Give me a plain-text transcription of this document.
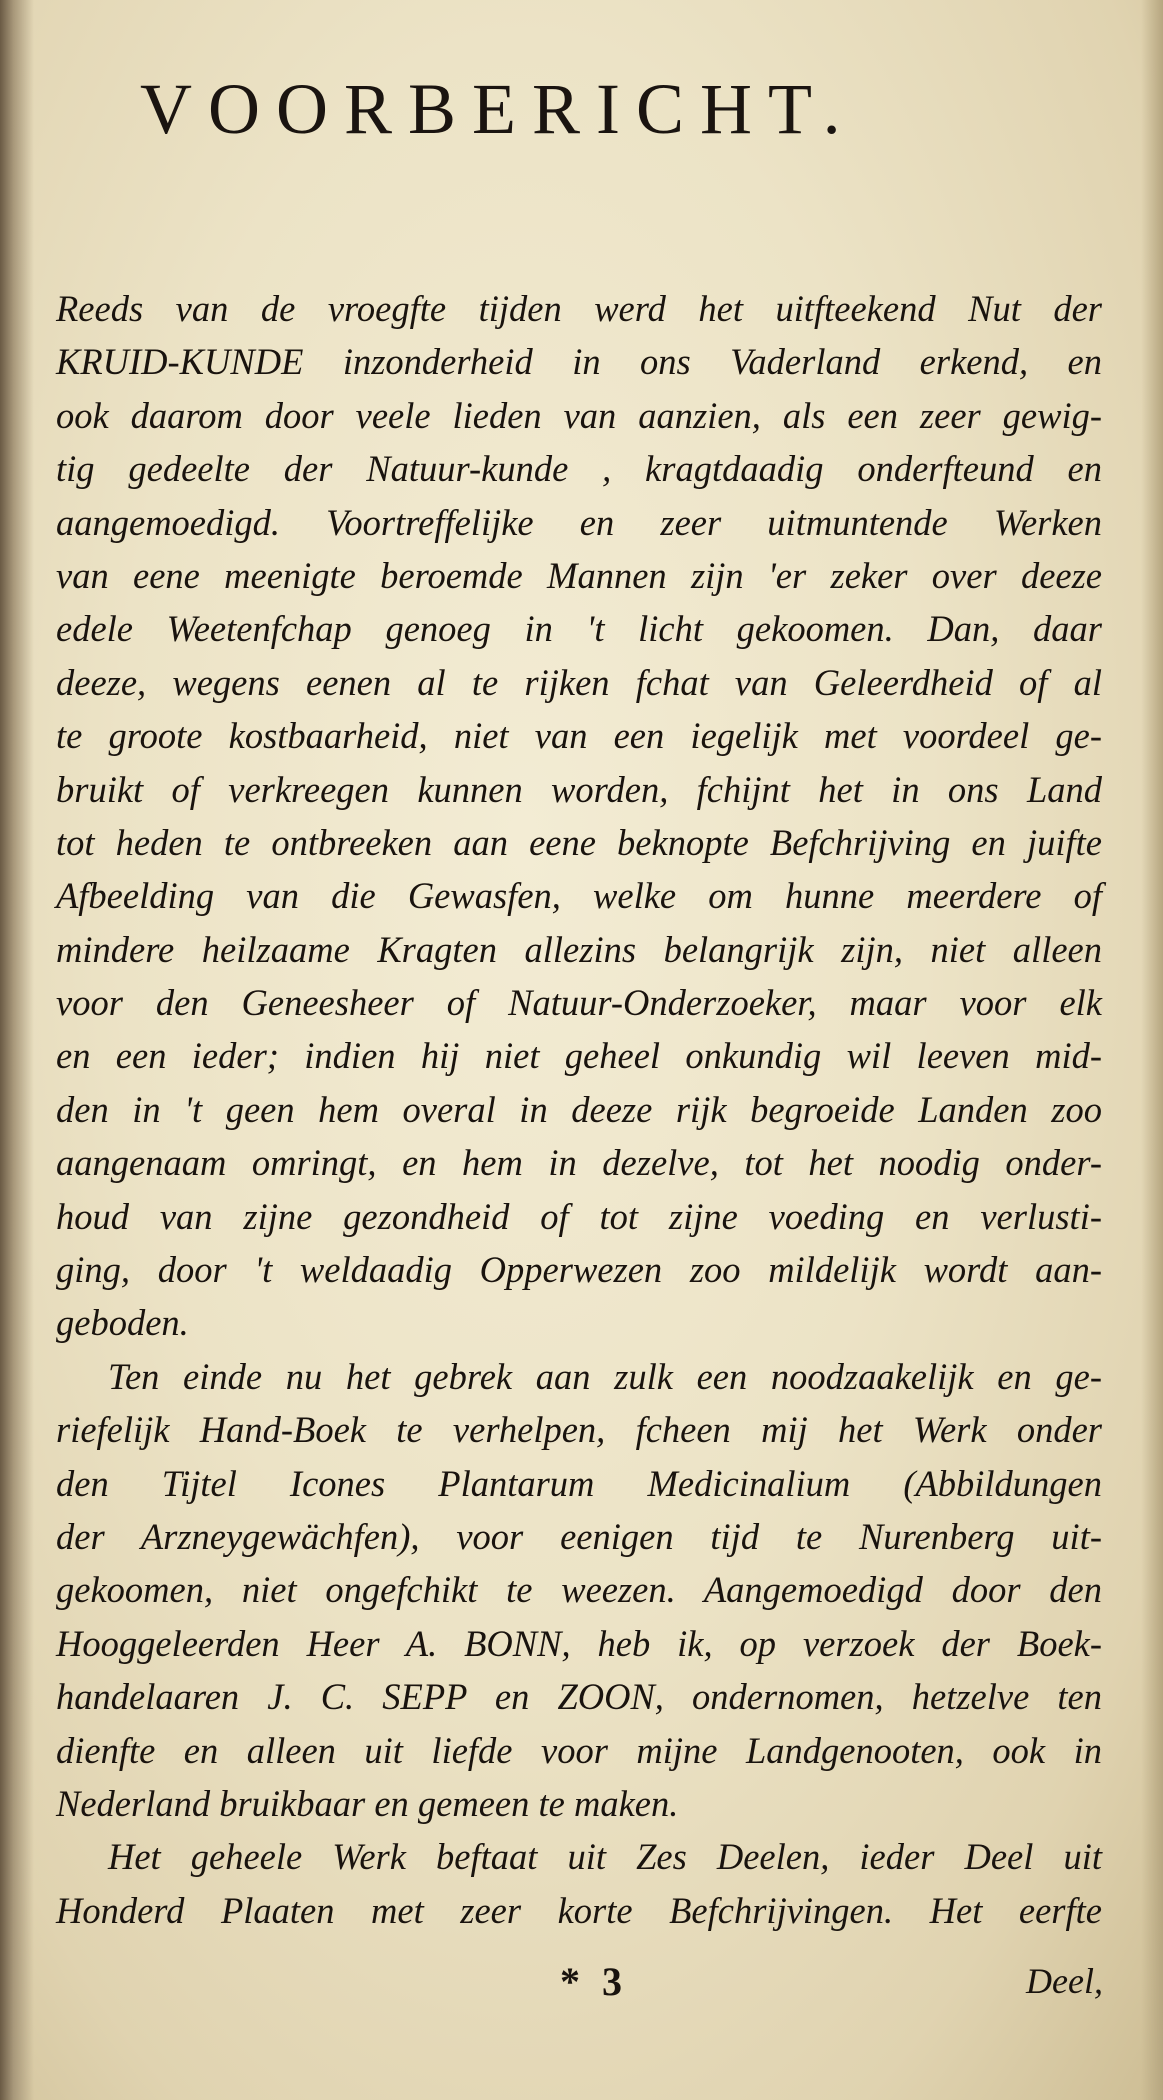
VOORBERICHT.
Reeds van de vroegfte tijden werd het uitfteekend Nut der
KRUID-KUNDE inzonderheid in ons Vaderland erkend, en
ook daarom door veele lieden van aanzien, als een zeer gewig-
tig gedeelte der Natuur-kunde , kragtdaadig onderfteund en
aangemoedigd. Voortreffelijke en zeer uitmuntende Werken
van eene meenigte beroemde Mannen zijn 'er zeker over deeze
edele Weetenfchap genoeg in 't licht gekoomen. Dan, daar
deeze, wegens eenen al te rijken fchat van Geleerdheid of al
te groote kostbaarheid, niet van een iegelijk met voordeel ge-
bruikt of verkreegen kunnen worden, fchijnt het in ons Land
tot heden te ontbreeken aan eene beknopte Befchrijving en juifte
Afbeelding van die Gewasfen, welke om hunne meerdere of
mindere heilzaame Kragten allezins belangrijk zijn, niet alleen
voor den Geneesheer of Natuur-Onderzoeker, maar voor elk
en een ieder; indien hij niet geheel onkundig wil leeven mid-
den in 't geen hem overal in deeze rijk begroeide Landen zoo
aangenaam omringt, en hem in dezelve, tot het noodig onder-
houd van zijne gezondheid of tot zijne voeding en verlusti-
ging, door 't weldaadig Opperwezen zoo mildelijk wordt aan-
geboden.
Ten einde nu het gebrek aan zulk een noodzaakelijk en ge-
riefelijk Hand-Boek te verhelpen, fcheen mij het Werk onder
den Tijtel Icones Plantarum Medicinalium (Abbildungen
der Arzneygewächfen), voor eenigen tijd te Nurenberg uit-
gekoomen, niet ongefchikt te weezen. Aangemoedigd door den
Hooggeleerden Heer A. BONN, heb ik, op verzoek der Boek-
handelaaren J. C. SEPP en ZOON, ondernomen, hetzelve ten
dienfte en alleen uit liefde voor mijne Landgenooten, ook in
Nederland bruikbaar en gemeen te maken.
Het geheele Werk beftaat uit Zes Deelen, ieder Deel uit
Honderd Plaaten met zeer korte Befchrijvingen. Het eerfte
* 3	Deel,
